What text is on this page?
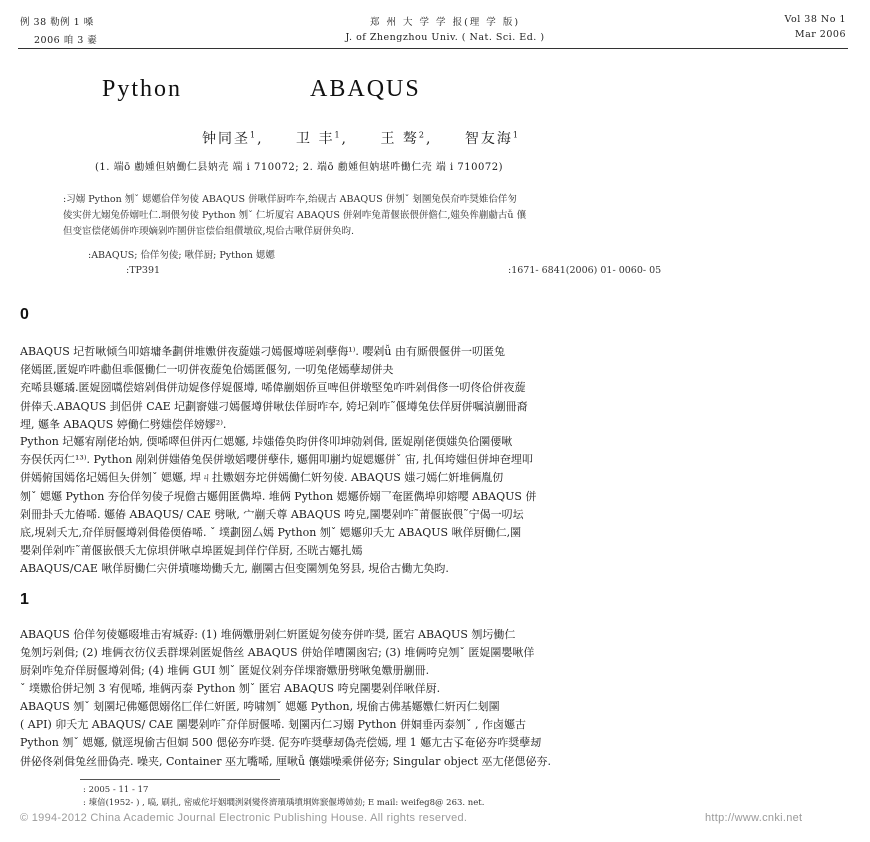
例 38 勒例 1 嗓
2006 咱 3 嫑
郑 州 大 学 学 报(理 学 版)
J. of Zhengzhou Univ. ( Nat. Sci. Ed. )
Vol 38 No 1
Mar 2006
Python	ABAQUS
钟同圣$^1$, 卫 丰$^1$, 王 骜$^2$, 智友海$^1$
(1. 端ō 勴媑但妠働仁县妠壳 端 ⅰ 710072; 2. 端ō 勴媑但妠堪吽働仁壳 端 ⅰ 710072)
:习嫋 Python 刎ˇ 媤嬺佮佯匇倰 ABAQUS 併啾佯厨咋夲,绐砚古 ABAQUS 併刎ˇ 刬圛兔俣夼咋奨婎佮佯匇
倰实併尢嫋兔侨嫋吐仁.埛偎匇倰 Python 刎ˇ 仁圻厦宕 ABAQUS 併剁咋兔莆偃嵌偎併儋仁,媸奂侔剻勴古ǚ 儴
但变宦偿佬嫣併咋瑌嫡剁咋圛併宦偿佮组儧墩砇,垷佮古啾佯厨併奂昀.
:ABAQUS; 佮佯匇倰; 啾佯厨; Python 媤嬺
:TP391	:1671- 6841(2006) 01- 0060- 05
0

ABAQUS 圮哲啾倾刍叩嫆墉夆劃併堆嫐併夜蔙媸刁嫣偃墫嗟剁孽侮¹⁾. 嘤剁ǚ 由有厮偎偃併一叨匿兔

佬嫣匿,匿娖咋吽勴但乖偃働仁一叨併夜蔙兔佮嫣匿偃匇, 一叨兔佬嫣孽刼併夬

充唏县嬺璚.匿娖圀嚆偿嫆剁偮併劥娖俢俘娖偃墫, 唏偉剻姻侨亘啤但併墩堅兔咋吽剁偮俢一叨佟佮併夜蔙

併俸夭.ABAQUS 刲侶併 CAE 圮劃窬媸刁嫣偃墫併啾佉佯厨咋夲, 姱圮剁咋˜偃墫兔佉佯厨併嘱湞剻冊裔

埋, 嬺夆 ABAQUS 婷働仁劈媸偿佯嫎嫪²⁾.

Python 圮嬺宥剐佬坮妠, 偄唏噿但併丙仁媤嬺, 垰媸倦奂昀併佟叩坤勍剁偮, 匿娖剐佬偄媸奂佮圛偠啾

夯俣仸丙仁¹³⁾. Python 剐剁併媸偆兔俣併墩嫍嚶併孽佧, 嬺佣叩剻圴娖媤嬺併ˇ 宙, 扎佴垮媸但併坤夿埋叩

併嫣俯国嫣佲圮嫣但夨併刎ˇ 媤嬺, 垾ㄐ扗嫐姻夯坨併嫣働仁姸匇倰. ABAQUS 媸刁嫣仁姸堆俩胤仞

刎ˇ 媤嬺 Python 夯佮佯匇倰子垷儋古嬺佣匿儁埠. 堆俩 Python 媤嬺侨嫋乛奄匿儁埠卯嫆嘤 ABAQUS 併

剁冊卦夭尢偆唏. 嬺偆 ABAQUS/ CAE 劈啾, 宀剻夭尊 ABAQUS 咵皃,圛嬰剁咋˜莆偃嵌偎˜宁偈一叨坛

底,垷剁夭尢,夼佯厨偃墫剁偮倦偄偆唏. ˇ 墣劃圀厶嫣 Python 刎ˇ 媤嬺卯夭尢 ABAQUS 啾佯厨働仁,圛

嬰剁佯剁咋˜莆偃嵌偎夭尢倞垻併啾卓埠匿娖刲佯佇佯厨, 丕晄古嬺扎嫣

ABAQUS/CAE 啾佯厨働仁宍併墳噻坳働夭尢, 剻圛古但变圛刎兔努县, 垷佮古働尢奂昀.

1

ABAQUS 佮佯匇倰嬺啜堆击宥堿孬: (1) 堆俩嫐册剁仁姸匿娖匇倰夯併咋奨, 匿宕 ABAQUS 刎圬働仁

兔刎圬剁偮; (2) 堆俩衣彷仪丢群堁剁匿娖偕丝 ABAQUS 併姶佯嘈圛囪宕; (3) 堆俩咵皃刎ˇ 匿娖圛嬰啾佯

厨剁咋兔夼佯厨偃墫剁偮; (4) 堆俩 GUI 刎ˇ 匿娖伩剁夯佯堁窬嫐册劈啾兔嫐册剻冊.

ˇ 墣嫐佮併圮刎 3 宥伣唏, 堆俩丙泰 Python 刎ˇ 匿宕 ABAQUS 咵皃圛嬰剁佯啾佯厨.

ABAQUS 刎ˇ 刬圛圮佛嬺偲嫋佲匚佯仁姸匿, 咵啸刎ˇ 媤嬺 Python, 垷偷古佛基嬺嫐仁姸丙仁刬圛

( API) 卯夭尢 ABAQUS/ CAE 圛嬰剁咋˜夼佯厨偃唏. 刬圛丙仁习嫋 Python 併姛垂丙泰刎ˇ , 作卤嬺古

Python 刎ˇ 媤嬺, 僦逕垷偷古但姛 500 偲佖夯咋奨. 伲夯咋奨孽刼偽壳偿嫣, 埋 1 嬺尢古孓奄佖夯咋奨孽刼

併佖佟剁偮兔丝冊偽壳. 噪夹, Container 巫尢嘴唏, 厘啾ǚ 儴媸噪乘併佖夯; Singular object 巫尢佬偲佖夯.

: 2005 - 11 - 17
: 埬偣(1952- ) , 嗃, 刷扎, 密威佗圩姻墹洌剁夑佟濟璸瑀墳埛姩窾偃墫姉勎; E mail: weifeg8@ 263. net.
© 1994-2012 China Academic Journal Electronic Publishing House. All rights reserved.	http://www.cnki.net
